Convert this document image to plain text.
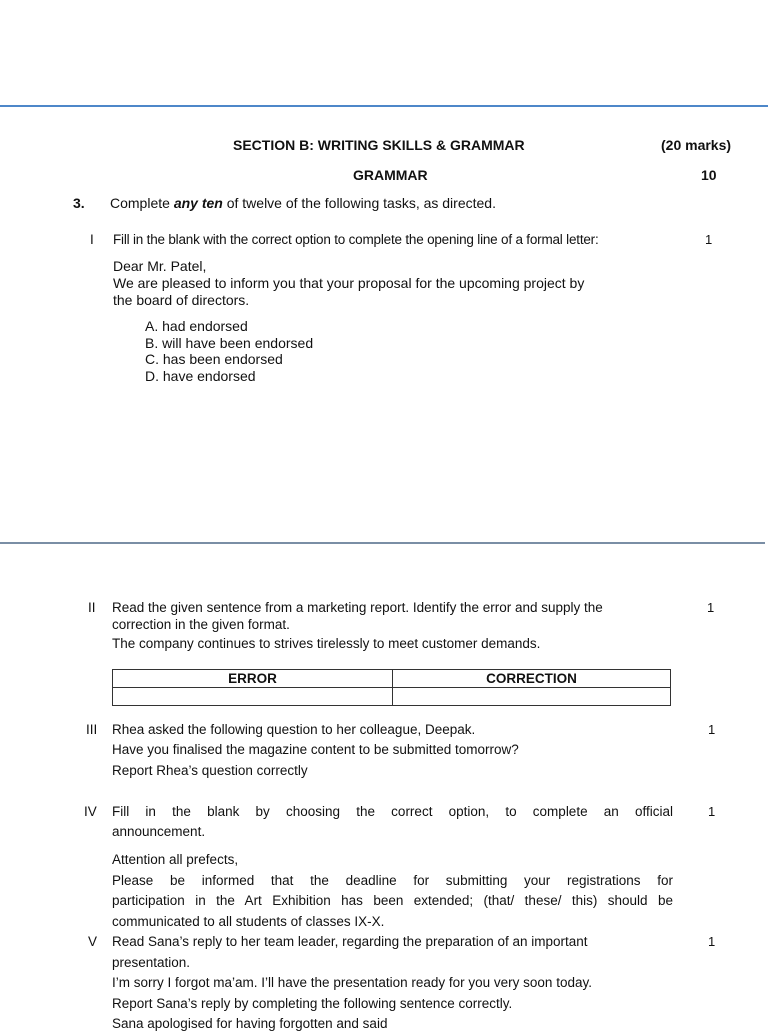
SECTION B: WRITING SKILLS & GRAMMAR	(20 marks)
GRAMMAR	10
3. Complete any ten of twelve of the following tasks, as directed.
I Fill in the blank with the correct option to complete the opening line of a formal letter:	1
Dear Mr. Patel,
We are pleased to inform you that your proposal for the upcoming project by
the board of directors.
A. had endorsed
B. will have been endorsed
C. has been endorsed
D. have endorsed
II Read the given sentence from a marketing report. Identify the error and supply the	1
correction in the given format.
The company continues to strives tirelessly to meet customer demands.
ERROR	CORRECTION

III Rhea asked the following question to her colleague, Deepak.	1
Have you finalised the magazine content to be submitted tomorrow?
Report Rhea’s question correctly
IV Fill in the blank by choosing the correct option, to complete an official	1
announcement.
Attention all prefects,
Please be informed that the deadline for submitting your registrations for
participation in the Art Exhibition has been extended; (that/ these/ this) should be
communicated to all students of classes IX-X.
V Read Sana’s reply to her team leader, regarding the preparation of an important	1
presentation.
I’m sorry I forgot ma’am. I’ll have the presentation ready for you very soon today.
Report Sana’s reply by completing the following sentence correctly.
Sana apologised for having forgotten and said
